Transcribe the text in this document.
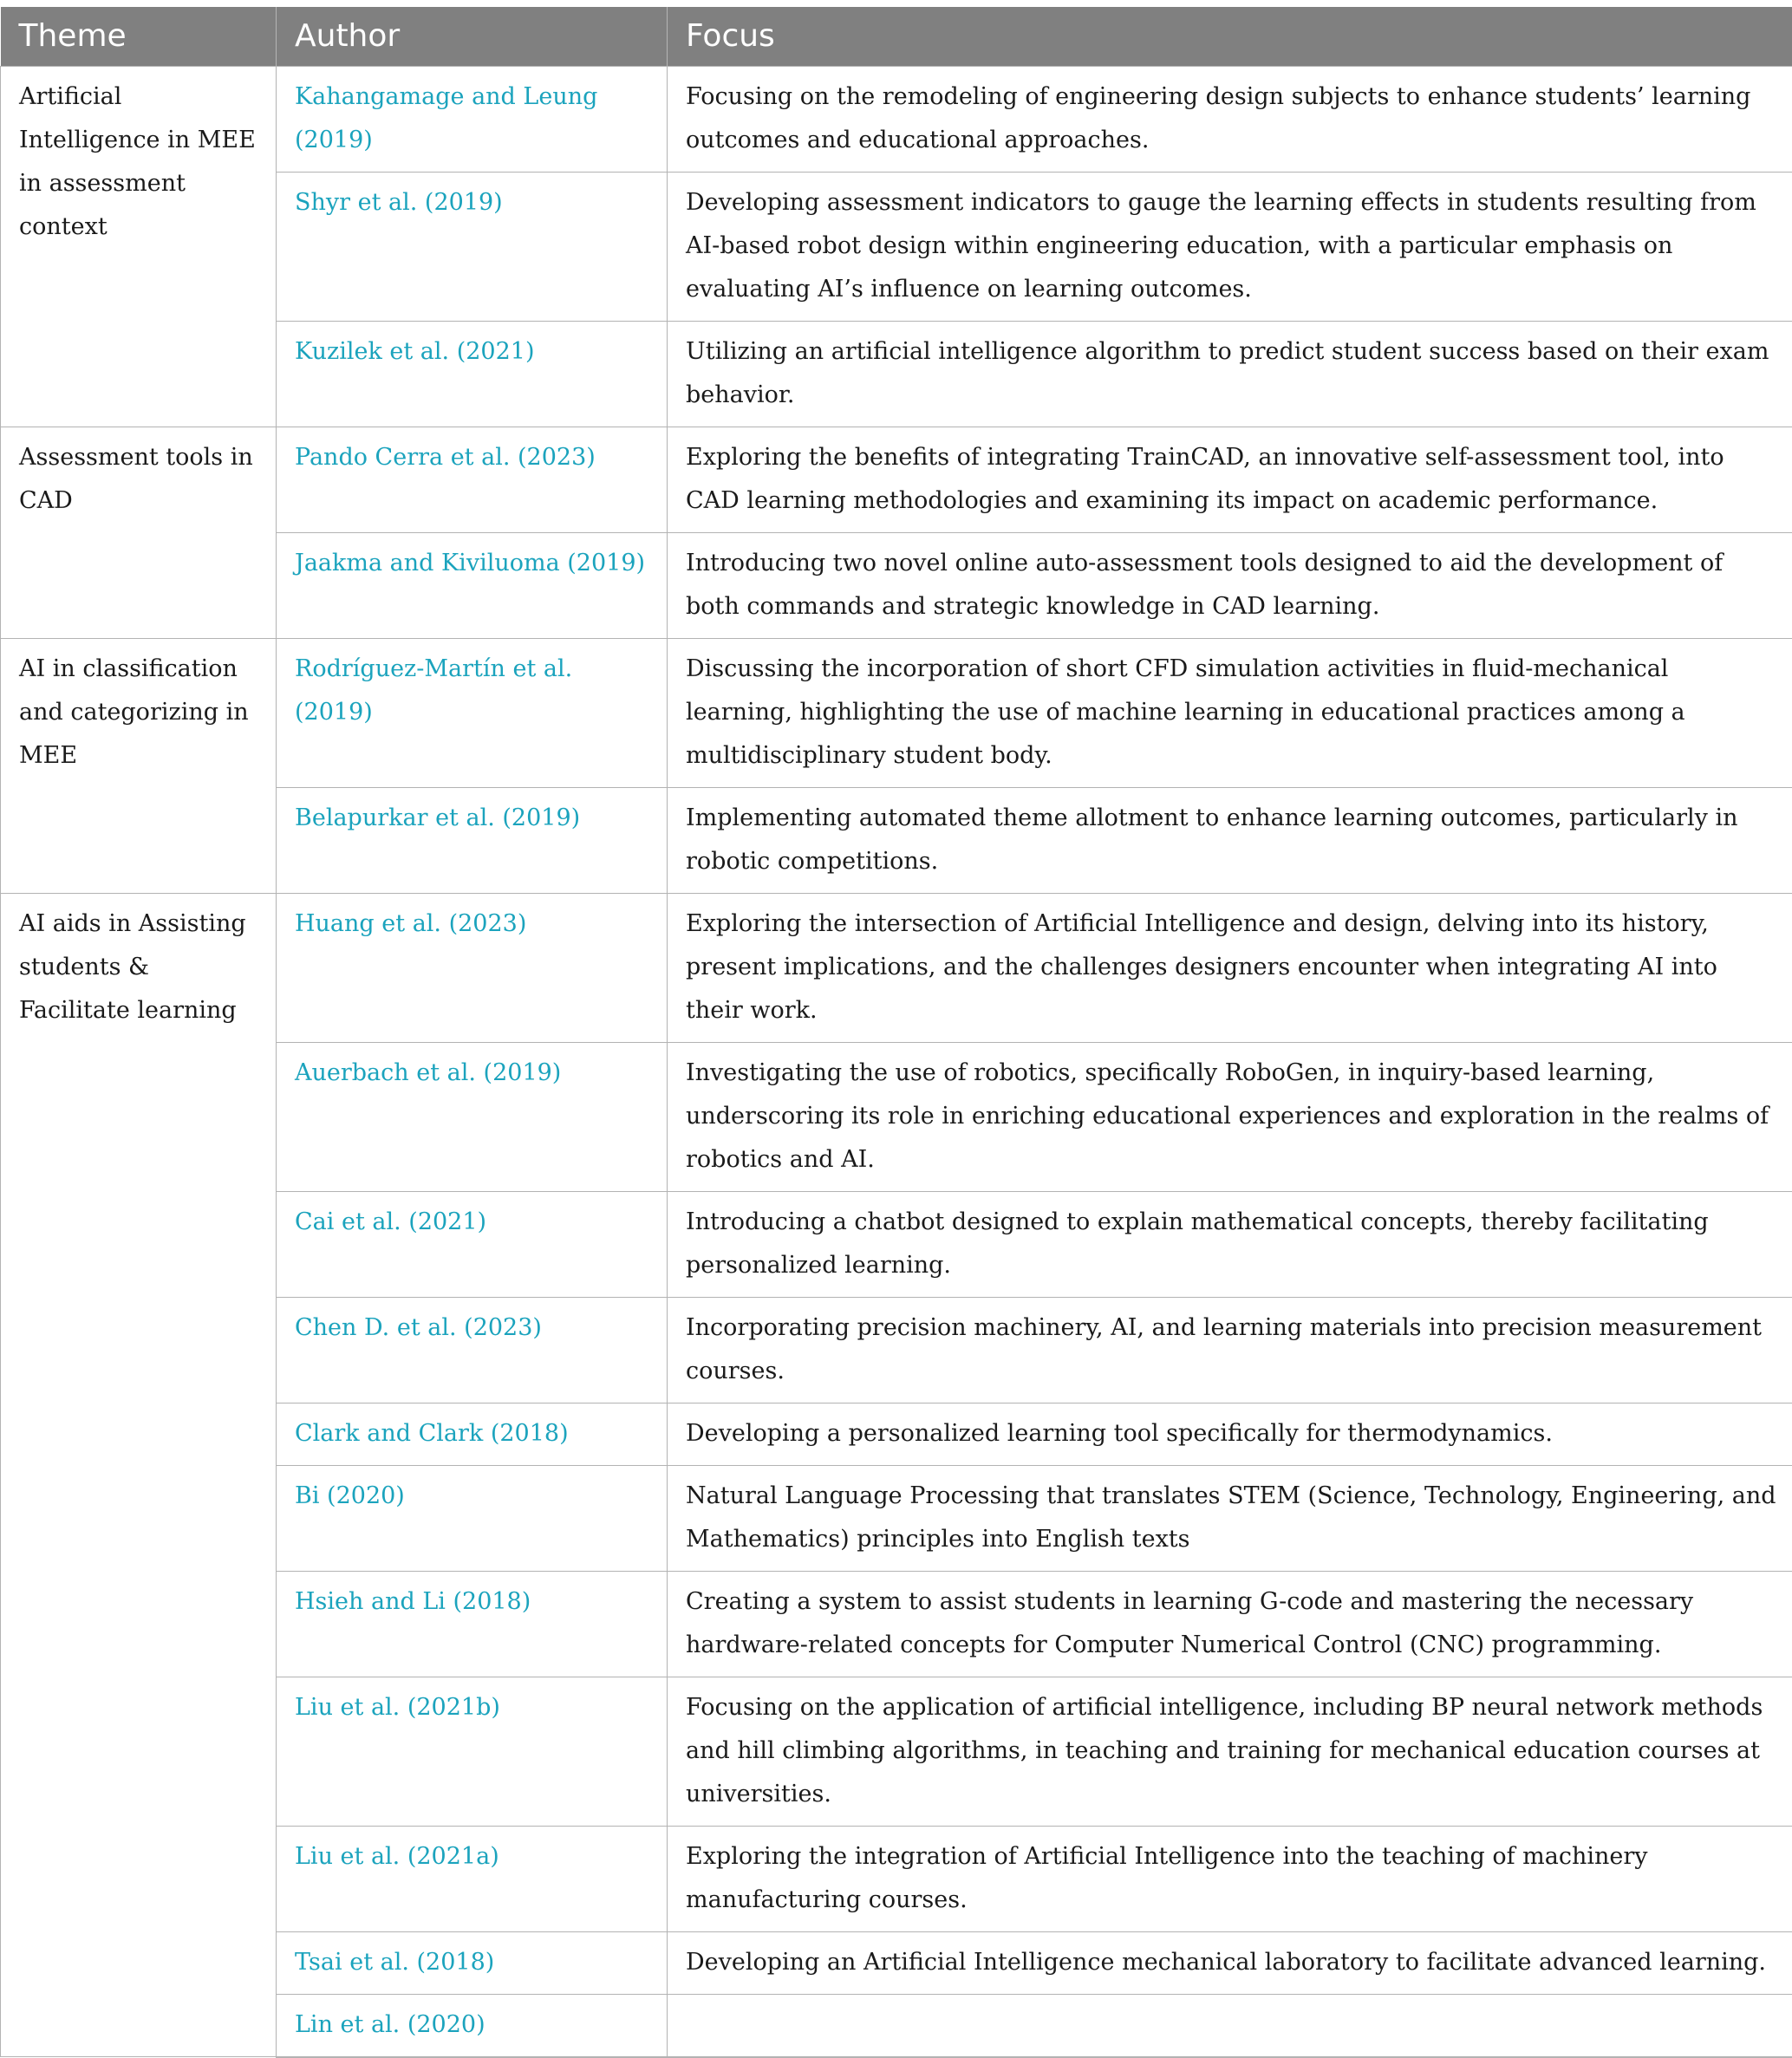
Theme	Author	Focus
Artificial Intelligence in MEE in assessment context	Kahangamage and Leung (2019)	Focusing on the remodeling of engineering design subjects to enhance students’ learning outcomes and educational approaches.
	Shyr et al. (2019)	Developing assessment indicators to gauge the learning effects in students resulting from AI-based robot design within engineering education, with a particular emphasis on evaluating AI’s influence on learning outcomes.
	Kuzilek et al. (2021)	Utilizing an artificial intelligence algorithm to predict student success based on their exam behavior.
Assessment tools in CAD	Pando Cerra et al. (2023)	Exploring the benefits of integrating TrainCAD, an innovative self-assessment tool, into CAD learning methodologies and examining its impact on academic performance.
	Jaakma and Kiviluoma (2019)	Introducing two novel online auto-assessment tools designed to aid the development of both commands and strategic knowledge in CAD learning.
AI in classification and categorizing in MEE	Rodríguez-Martín et al. (2019)	Discussing the incorporation of short CFD simulation activities in fluid-mechanical learning, highlighting the use of machine learning in educational practices among a multidisciplinary student body.
	Belapurkar et al. (2019)	Implementing automated theme allotment to enhance learning outcomes, particularly in robotic competitions.
AI aids in Assisting students & Facilitate learning	Huang et al. (2023)	Exploring the intersection of Artificial Intelligence and design, delving into its history, present implications, and the challenges designers encounter when integrating AI into their work.
	Auerbach et al. (2019)	Investigating the use of robotics, specifically RoboGen, in inquiry-based learning, underscoring its role in enriching educational experiences and exploration in the realms of robotics and AI.
	Cai et al. (2021)	Introducing a chatbot designed to explain mathematical concepts, thereby facilitating personalized learning.
	Chen D. et al. (2023)	Incorporating precision machinery, AI, and learning materials into precision measurement courses.
	Clark and Clark (2018)	Developing a personalized learning tool specifically for thermodynamics.
	Bi (2020)	Natural Language Processing that translates STEM (Science, Technology, Engineering, and Mathematics) principles into English texts
	Hsieh and Li (2018)	Creating a system to assist students in learning G-code and mastering the necessary hardware-related concepts for Computer Numerical Control (CNC) programming.
	Liu et al. (2021b)	Focusing on the application of artificial intelligence, including BP neural network methods and hill climbing algorithms, in teaching and training for mechanical education courses at universities.
	Liu et al. (2021a)	Exploring the integration of Artificial Intelligence into the teaching of machinery manufacturing courses.
	Tsai et al. (2018)	Developing an Artificial Intelligence mechanical laboratory to facilitate advanced learning.
	Lin et al. (2020)	
